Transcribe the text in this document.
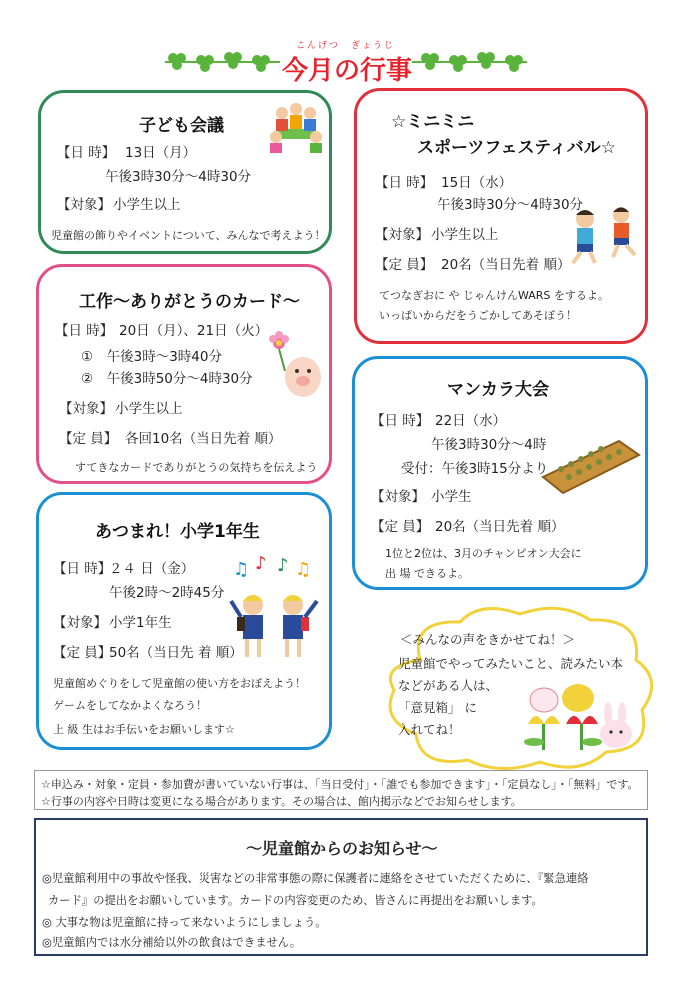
こんげつ　ぎょうじ
今月の行事
子ども会議
【日 時】 13日（月）
午後3時30分～4時30分
【対象】 小学生以上
児童館の飾りやイベントについて、みんなで考えよう！
☆ミニミニ
スポーツフェスティバル☆
【日 時】 15日（水）
午後3時30分～4時30分
【対象】 小学生以上
【定 員】 20名（当日先着 順）
てつなぎおに や じゃんけんWARS をするよ。
いっぱいからだをうごかしてあそぼう！
工作～ありがとうのカード～
【日 時】 20日（月）、21日（火）
①　午後3時～3時40分
②　午後3時50分～4時30分
【対象】 小学生以上
【定 員】 各回10名（当日先着 順）
すてきなカードでありがとうの気持ちを伝えよう
マンカラ大会
【日 時】 22日（水）
午後3時30分～4時
受付：午後3時15分より
【対象】 小学生
【定 員】 20名（当日先着 順）
1位と2位は、3月のチャンピオン大会に
出 場 できるよ。
あつまれ！小学1年生
【日 時】
２４ 日（金）
午後2時～2時45分
【対象】 小学1年生
【定 員】
50名（当日先 着 順）
児童館めぐりをして児童館の使い方をおぼえよう！
ゲームをしてなかよくなろう！
上 級 生はお手伝いをお願いします☆
♫ ♪ ♪ ♫
＜みんなの声をきかせてね！＞
児童館でやってみたいこと、読みたい本
などがある人は、
「意見箱」 に
入れてね！
☆申込み・対象・定員・参加費が書いていない行事は、「当日受付」・「誰でも参加できます」・「定員なし」・「無料」です。
☆行事の内容や日時は変更になる場合があります。その場合は、館内掲示などでお知らせします。
～児童館からのお知らせ～
◎児童館利用中の事故や怪我、災害などの非常事態の際に保護者に連絡をさせていただくために、『緊急連絡
カード』の提出をお願いしています。カードの内容変更のため、皆さんに再提出をお願いします。
◎ 大事な物は児童館に持って来ないようにしましょう。
◎児童館内では水分補給以外の飲食はできません。
